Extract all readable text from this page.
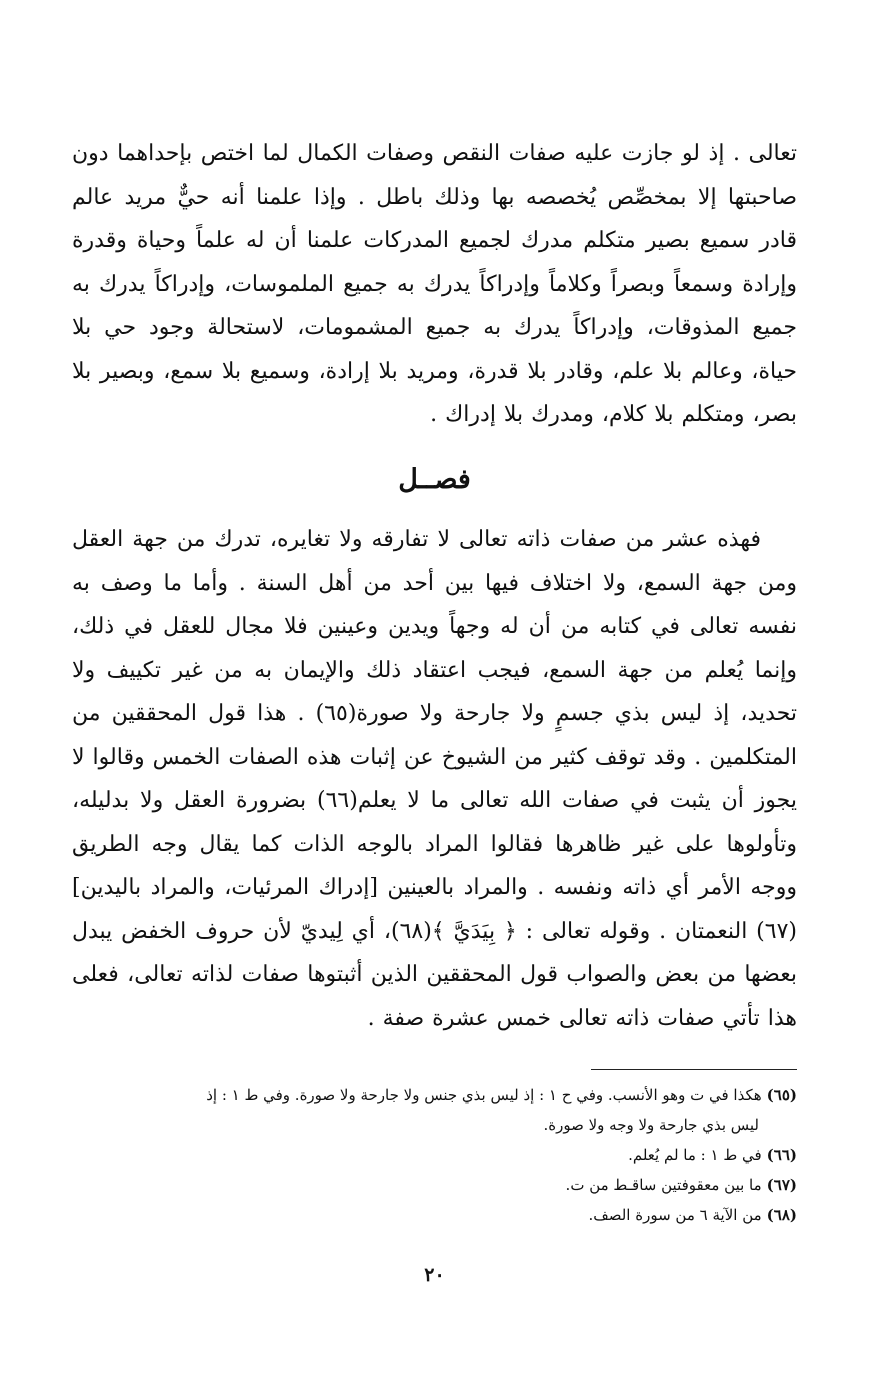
تعالى . إذ لو جازت عليه صفات النقص وصفات الكمال لما اختص بإحداهما دون صاحبتها إلا بمخصِّص يُخصصه بها وذلك باطل . وإذا علمنا أنه حيٌّ مريد عالم قادر سميع بصير متكلم مدرك لجميع المدركات علمنا أن له علماً وحياة وقدرة وإرادة وسمعاً وبصراً وكلاماً وإدراكاً يدرك به جميع الملموسات، وإدراكاً يدرك به جميع المذوقات، وإدراكاً يدرك به جميع المشمومات، لاستحالة وجود حي بلا حياة، وعالم بلا علم، وقادر بلا قدرة، ومريد بلا إرادة، وسميع بلا سمع، وبصير بلا بصر، ومتكلم بلا كلام، ومدرك بلا إدراك .

فصــل

فهذه عشر من صفات ذاته تعالى لا تفارقه ولا تغايره، تدرك من جهة العقل ومن جهة السمع، ولا اختلاف فيها بين أحد من أهل السنة . وأما ما وصف به نفسه تعالى في كتابه من أن له وجهاً ويدين وعينين فلا مجال للعقل في ذلك، وإنما يُعلم من جهة السمع، فيجب اعتقاد ذلك والإيمان به من غير تكييف ولا تحديد، إذ ليس بذي جسمٍ ولا جارحة ولا صورة(٦٥) . هذا قول المحققين من المتكلمين . وقد توقف كثير من الشيوخ عن إثبات هذه الصفات الخمس وقالوا لا يجوز أن يثبت في صفات الله تعالى ما لا يعلم(٦٦) بضرورة العقل ولا بدليله، وتأولوها على غير ظاهرها فقالوا المراد بالوجه الذات كما يقال وجه الطريق ووجه الأمر أي ذاته ونفسه . والمراد بالعينين [إدراك المرئيات، والمراد باليدين](٦٧) النعمتان . وقوله تعالى : ﴿ بِيَدَيَّ ﴾(٦٨)، أي لِيديّ لأن حروف الخفض يبدل بعضها من بعض والصواب قول المحققين الذين أثبتوها صفات لذاته تعالى، فعلى هذا تأتي صفات ذاته تعالى خمس عشرة صفة .

(٦٥)هكذا في ت وهو الأنسب. وفي ح ١ : إذ ليس بذي جنس ولا جارحة ولا صورة. وفي ط ١ : إذ
ليس بذي جارحة ولا وجه ولا صورة.
(٦٦)في ط ١ : ما لم يُعلم.
(٦٧)ما بين معقوفتين ساقـط من ت.
(٦٨)من الآية ٦ من سورة الصف.
٢٠
